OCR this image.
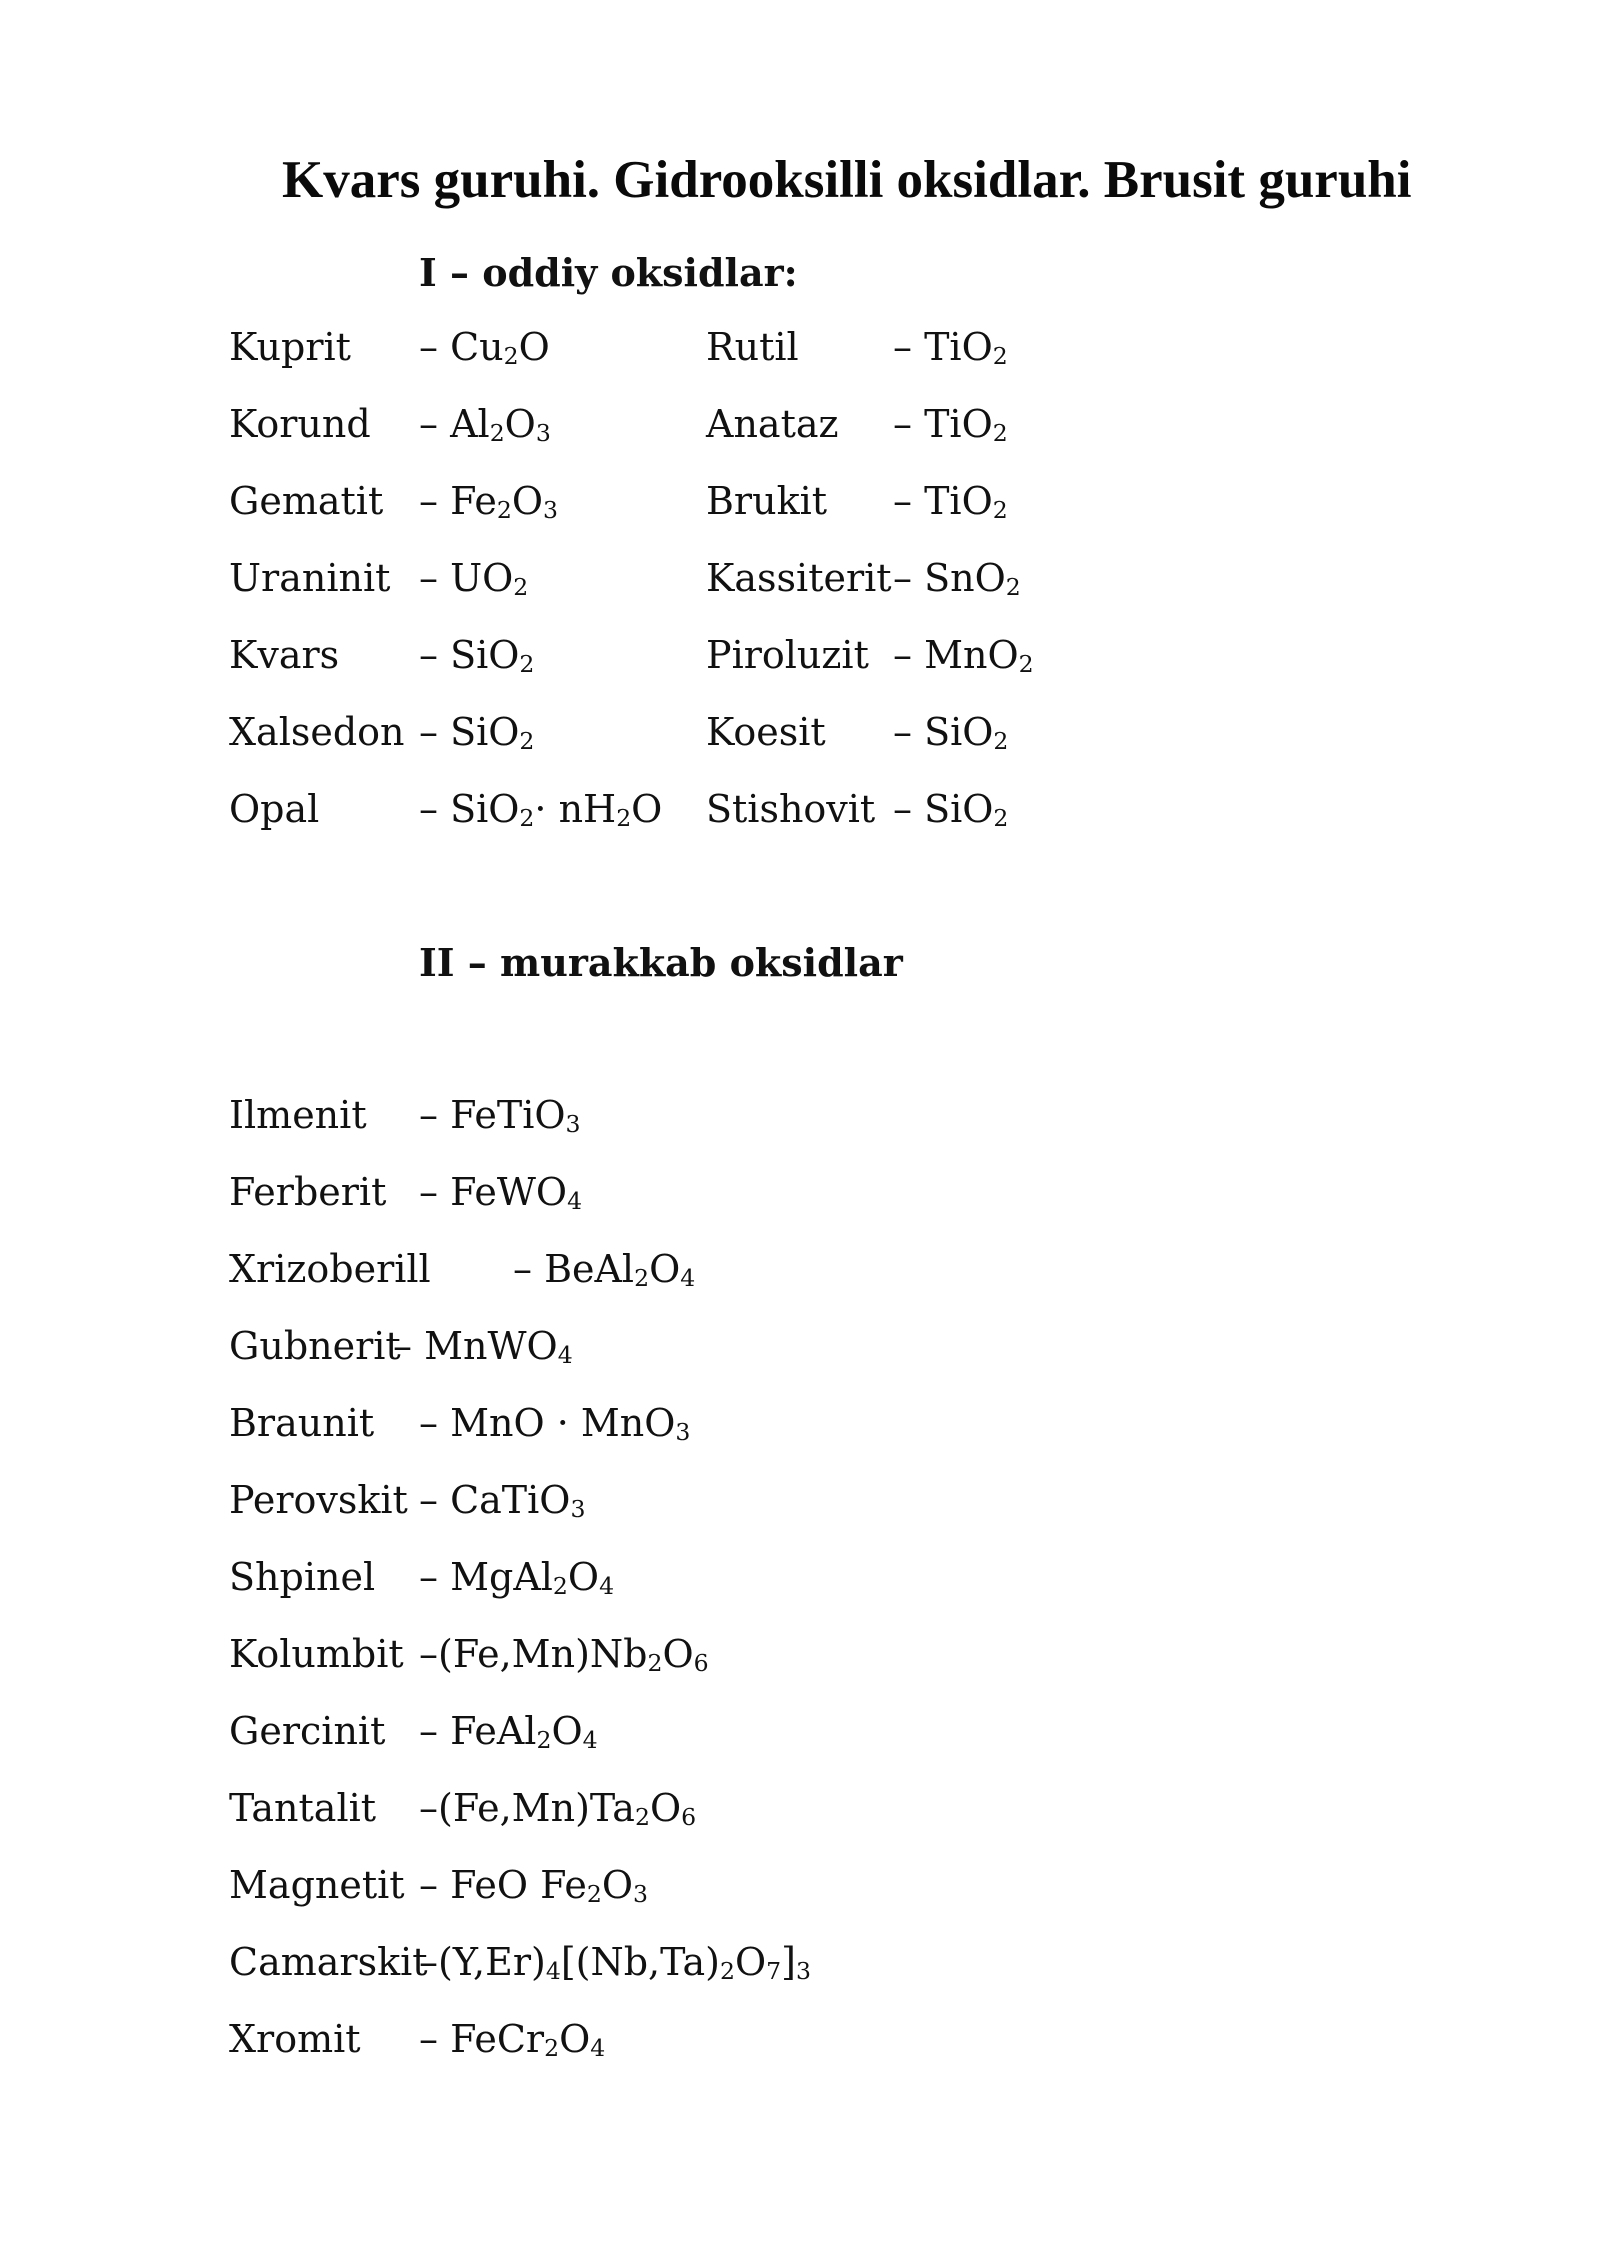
Kvars guruhi. Gidrooksilli oksidlar. Brusit guruhi
I – oddiy oksidlar:
Kuprit – $Cu_2O$
Korund – $Al_2O_3$
Gematit – $Fe_2O_3$
Uraninit – $UO_2$
Kvars – SiO$_2$
Xalsedon – SiO$_2$
Opal	– $SiO_2\cdot nH_2O$
Rutil – TiO$_2$
Anataz – TiO$_2$
Brukit – TiO$_2$
Kassiterit – SnO$_2$
Piroluzit – MnO$_2$
Koesit – SiO$_2$
Stishovit – SiO$_2$
II – murakkab oksidlar
Ilmenit – FeTiO$_3$
Ferberit – FeWO$_4$
Xrizoberill – $BeAl_2O_4$
Gubnerit
– MnWO$_4$
Braunit – MnO · MnO$_3$
Perovskit – CaTiO$_3$
Shpinel – $MgAl_2O_4$
Kolumbit $-(Fe,Mn)Nb_2O_6$
Gercinit – $FeAl_2O_4$
Tantalit $-(Fe,Mn)Ta_2O_6$
Magnetit – FeO $Fe_2O_3$
Camarskit
$-(Y,Er)_4[(Nb,Ta)_2O_7]_3$
Xromit – $FeCr_2O_4$
